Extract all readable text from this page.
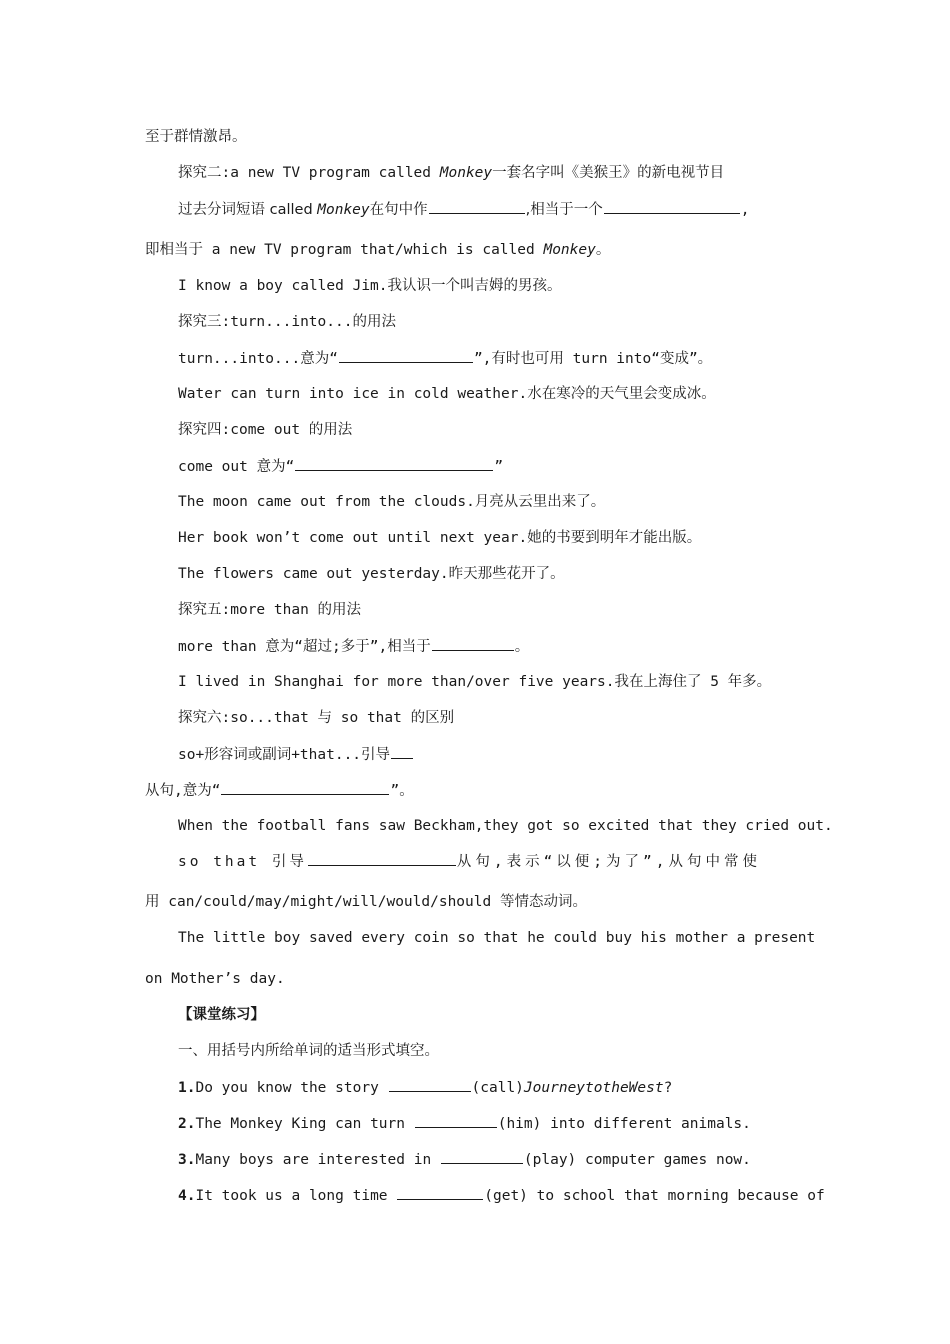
至于群情激昂。
探究二:a new TV program called Monkey一套名字叫《美猴王》的新电视节目
过去分词短语 called Monkey在句中作	,相当于一个	,
即相当于 a new TV program that/which is called Monkey。
I know a boy called Jim.我认识一个叫吉姆的男孩。
探究三:turn...into...的用法
turn...into...意为“	”,有时也可用 turn into“变成”。
Water can turn into ice in cold weather.水在寒冷的天气里会变成冰。
探究四:come out 的用法
come out 意为“	”
The moon came out from the clouds.月亮从云里出来了。
Her book won’t come out until next year.她的书要到明年才能出版。
The flowers came out yesterday.昨天那些花开了。
探究五:more than 的用法
more than 意为“超过;多于”,相当于	。
I lived in Shanghai for more than/over five years.我在上海住了 5 年多。
探究六:so...that 与 so that 的区别
so+形容词或副词+that...引导
从句,意为“	”。
When the football fans saw Beckham,they got so excited that they cried out.
so that 引导	从句,表示“以便;为了”,从句中常使
用 can/could/may/might/will/would/should 等情态动词。
The little boy saved every coin so that he could buy his mother a present
on Mother’s day.
【课堂练习】
一、用括号内所给单词的适当形式填空。
1.Do you know the story	(call)JourneytotheWest?
2.The Monkey King can turn	(him) into different animals.
3.Many boys are interested in	(play) computer games now.
4.It took us a long time	(get) to school that morning because of
